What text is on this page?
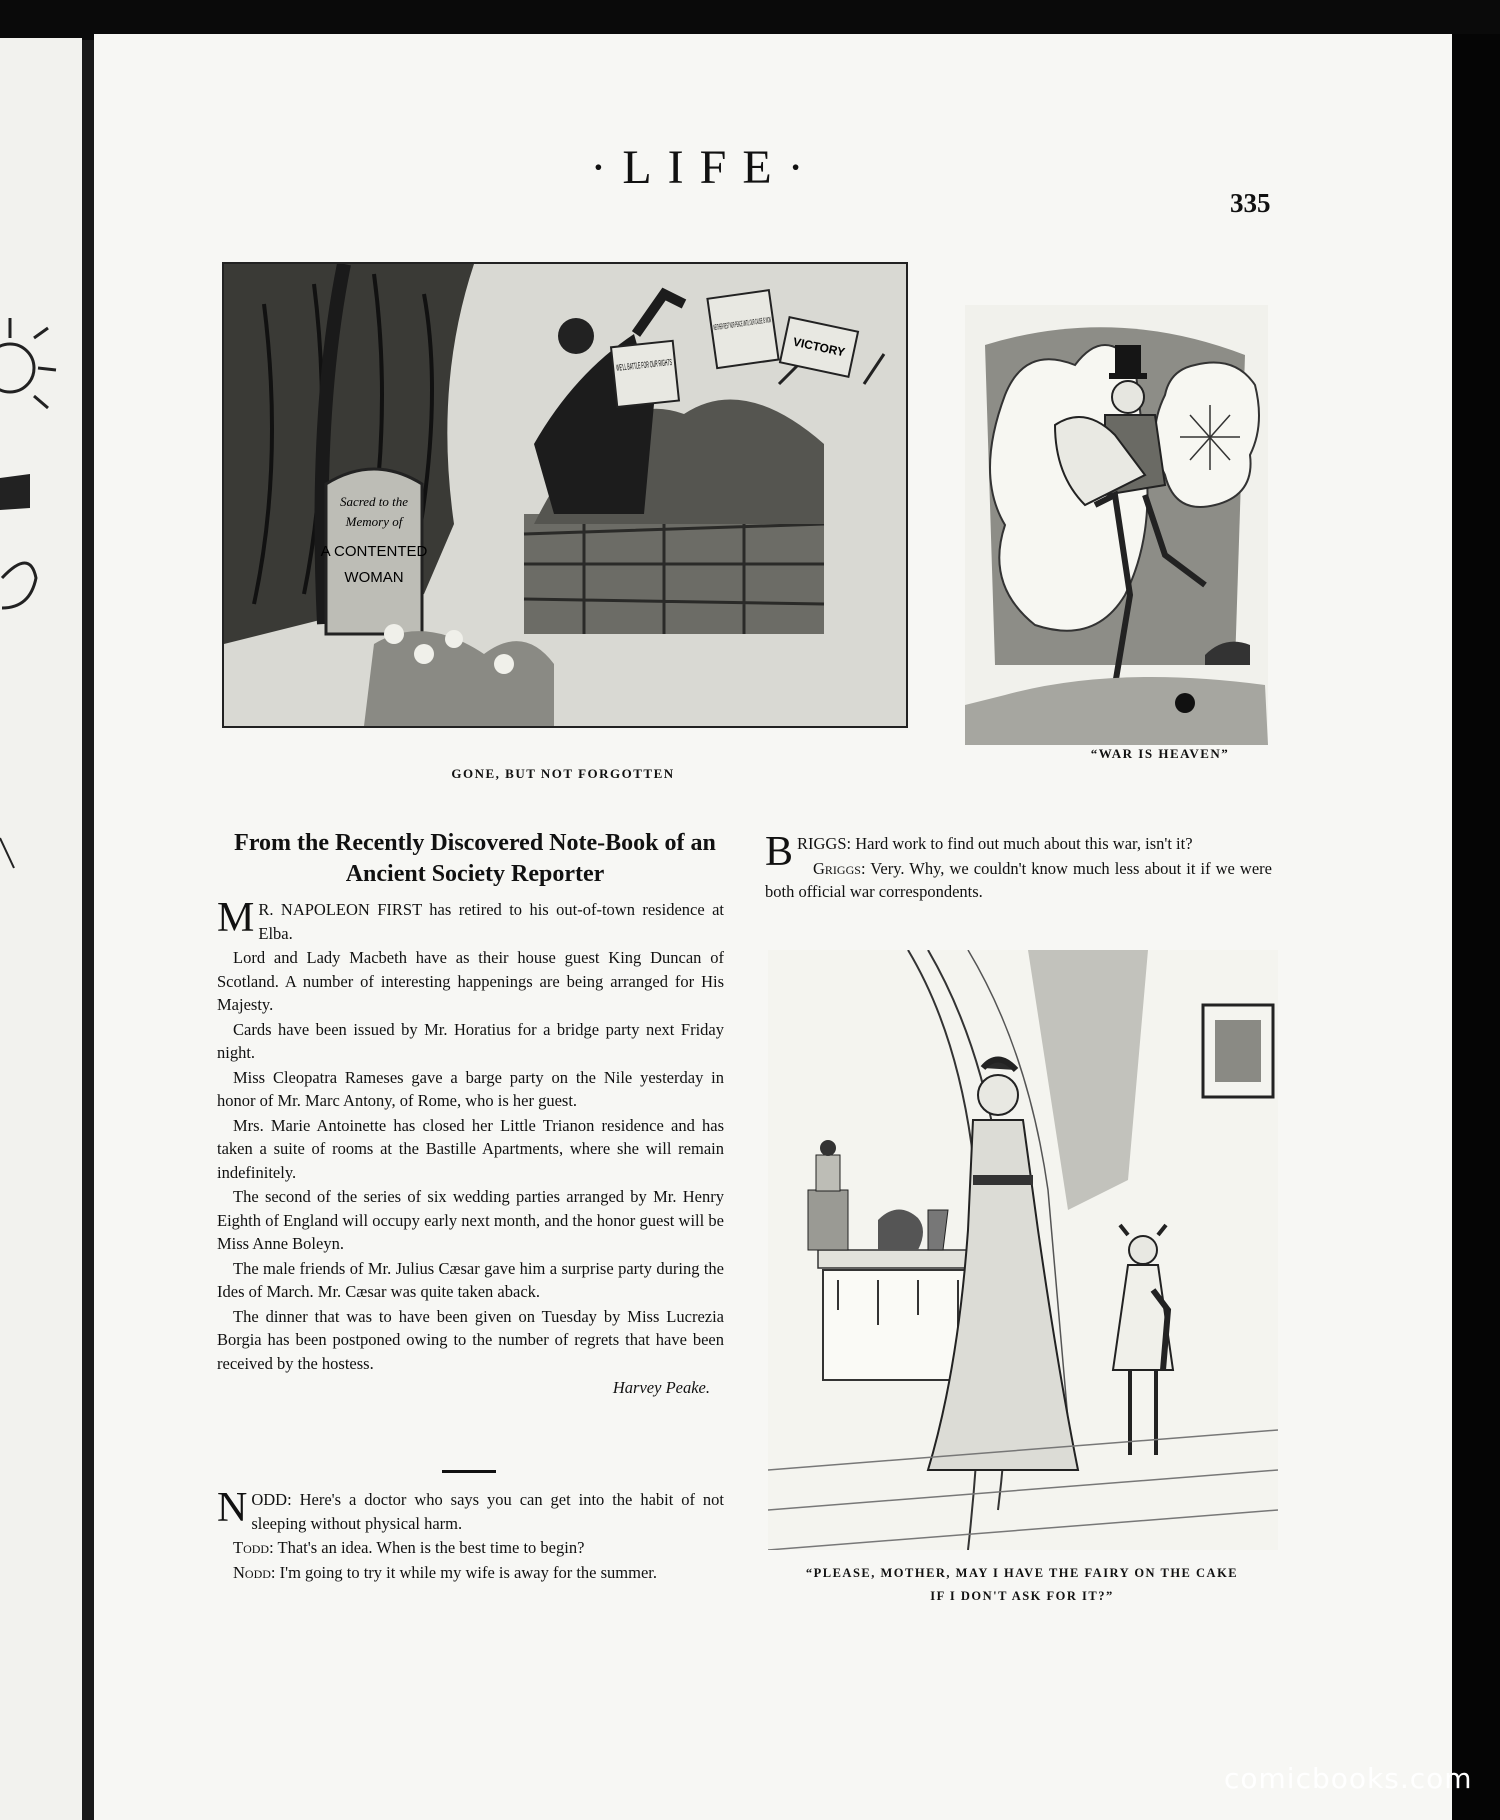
·LIFE·
335
Sacred to the
Memory of
A CONTENTED
WOMAN
VICTORY
GONE, BUT NOT FORGOTTEN
“WAR IS HEAVEN”
From the Recently Discovered Note-Book of an
Ancient Society Reporter

M R. NAPOLEON FIRST has retired to his out-of-town residence at Elba.

Lord and Lady Macbeth have as their house guest King Duncan of Scotland. A number of interesting happenings are being arranged for His Majesty.

Cards have been issued by Mr. Horatius for a bridge party next Friday night.

Miss Cleopatra Rameses gave a barge party on the Nile yesterday in honor of Mr. Marc Antony, of Rome, who is her guest.

Mrs. Marie Antoinette has closed her Little Trianon residence and has taken a suite of rooms at the Bastille Apartments, where she will remain indefinitely.

The second of the series of six wedding parties arranged by Mr. Henry Eighth of England will occupy early next month, and the honor guest will be Miss Anne Boleyn.

The male friends of Mr. Julius Cæsar gave him a surprise party during the Ides of March. Mr. Cæsar was quite taken aback.

The dinner that was to have been given on Tuesday by Miss Lucrezia Borgia has been postponed owing to the number of regrets that have been received by the hostess.

Harvey Peake.

NODD: Here's a doctor who says you can get into the habit of not sleeping without physical harm.

Todd: That's an idea. When is the best time to begin?

Nodd: I'm going to try it while my wife is away for the summer.

BRIGGS: Hard work to find out much about this war, isn't it?

Griggs: Very. Why, we couldn't know much less about it if we were both official war correspondents.

“PLEASE, MOTHER, MAY I HAVE THE FAIRY ON THE CAKE
IF I DON'T ASK FOR IT?”
comicbooks.com
